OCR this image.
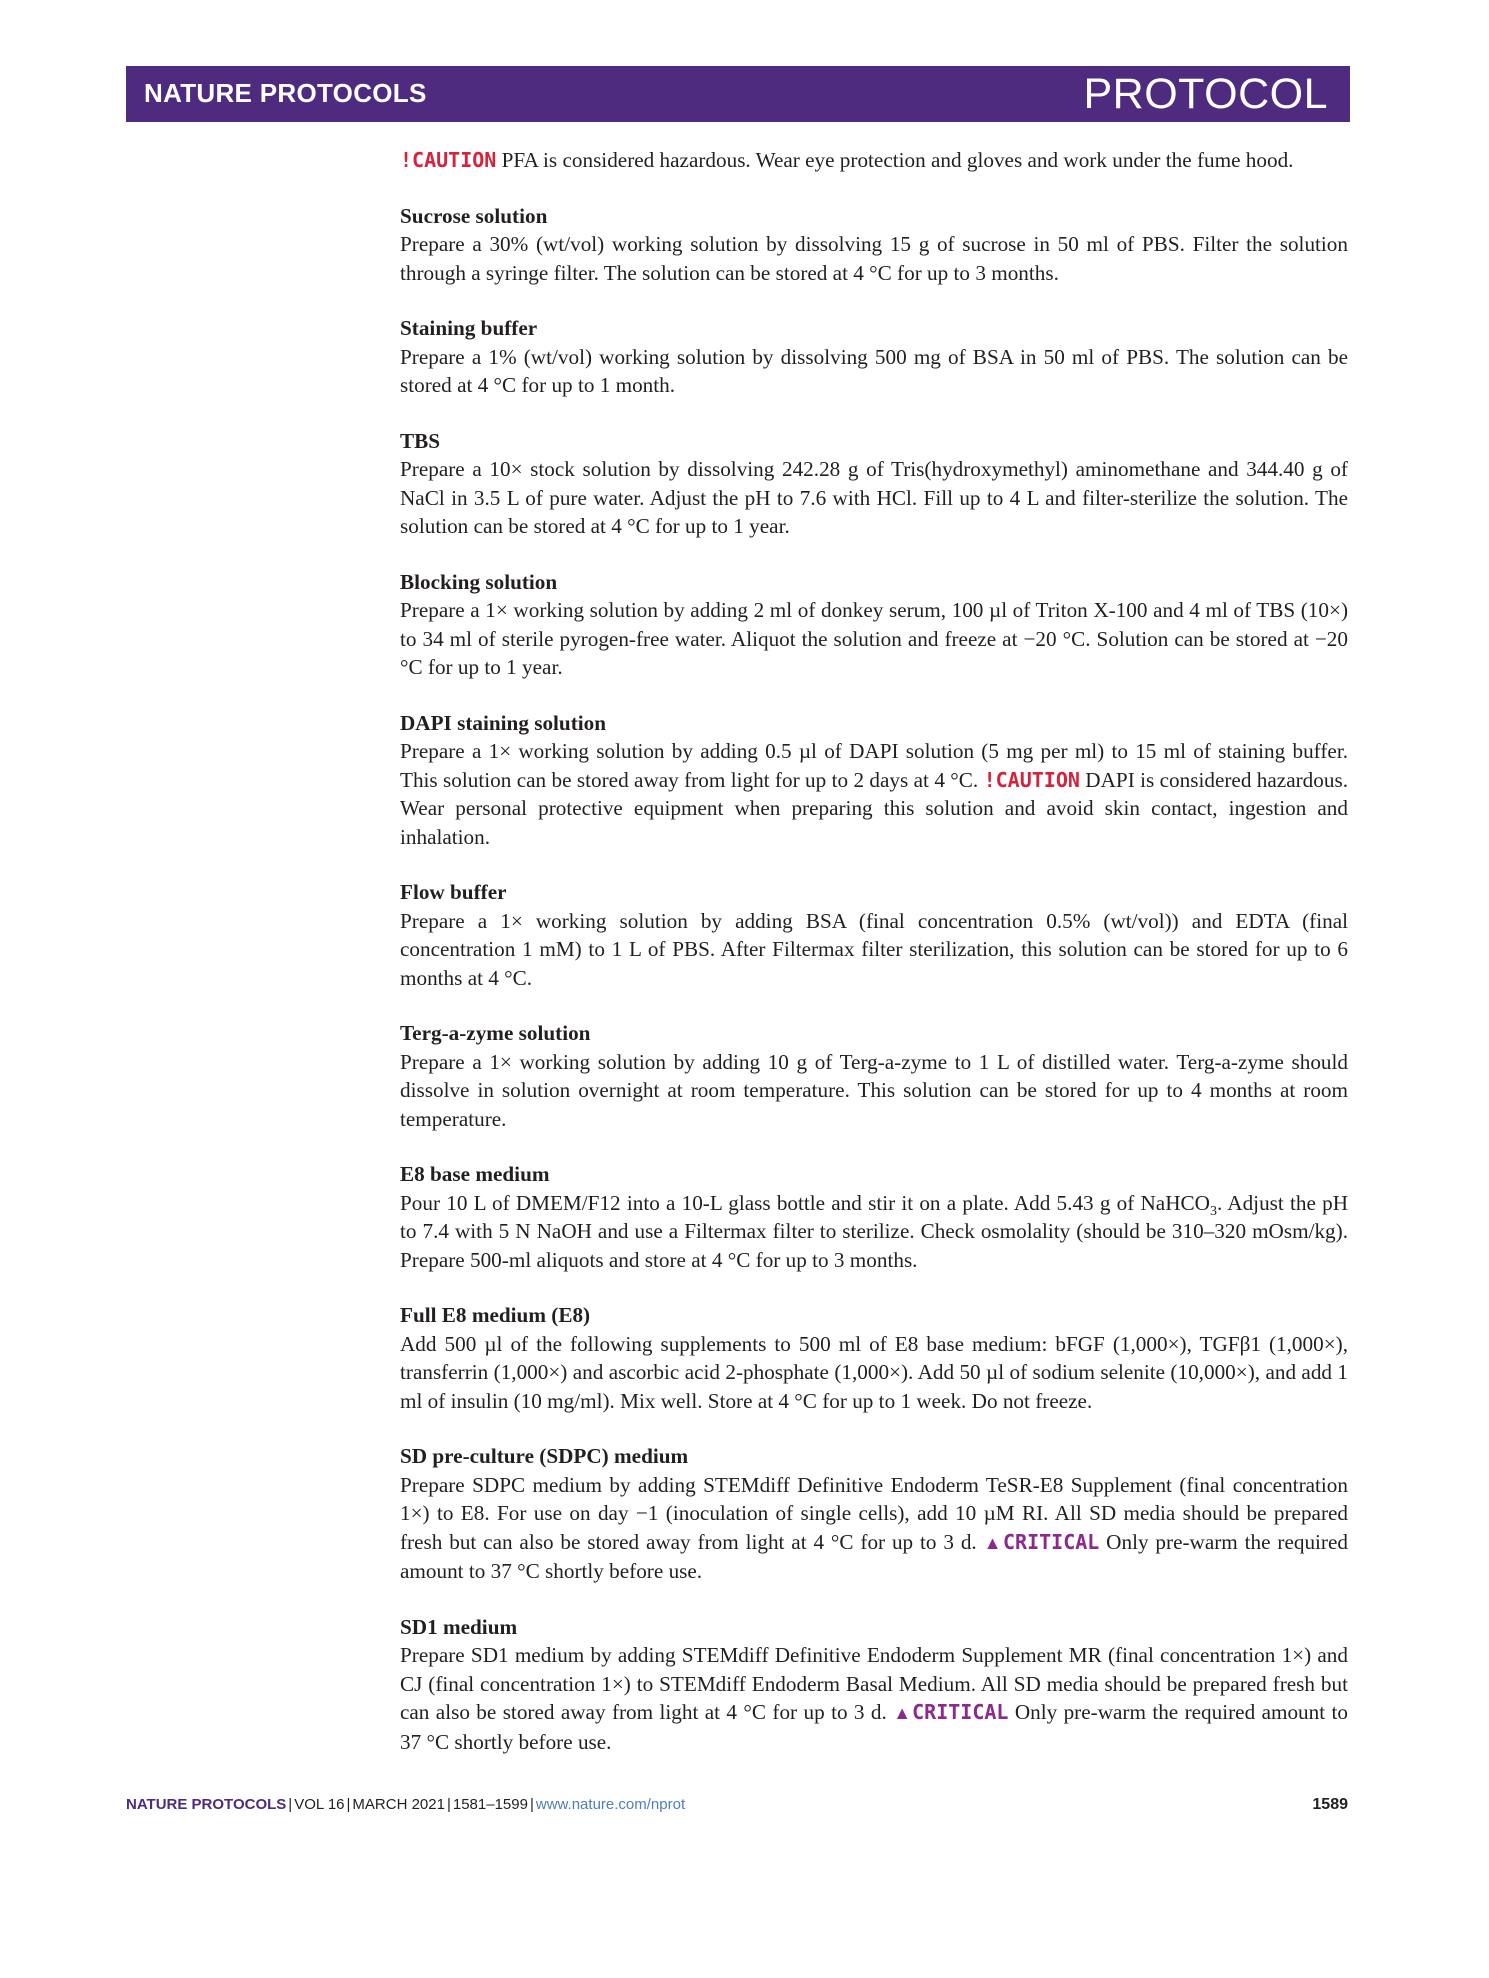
NATURE PROTOCOLS	PROTOCOL
!CAUTION PFA is considered hazardous. Wear eye protection and gloves and work under the fume hood.
Sucrose solution
Prepare a 30% (wt/vol) working solution by dissolving 15 g of sucrose in 50 ml of PBS. Filter the solution through a syringe filter. The solution can be stored at 4 °C for up to 3 months.
Staining buffer
Prepare a 1% (wt/vol) working solution by dissolving 500 mg of BSA in 50 ml of PBS. The solution can be stored at 4 °C for up to 1 month.
TBS
Prepare a 10× stock solution by dissolving 242.28 g of Tris(hydroxymethyl) aminomethane and 344.40 g of NaCl in 3.5 L of pure water. Adjust the pH to 7.6 with HCl. Fill up to 4 L and filter-sterilize the solution. The solution can be stored at 4 °C for up to 1 year.
Blocking solution
Prepare a 1× working solution by adding 2 ml of donkey serum, 100 µl of Triton X-100 and 4 ml of TBS (10×) to 34 ml of sterile pyrogen-free water. Aliquot the solution and freeze at −20 °C. Solution can be stored at −20 °C for up to 1 year.
DAPI staining solution
Prepare a 1× working solution by adding 0.5 µl of DAPI solution (5 mg per ml) to 15 ml of staining buffer. This solution can be stored away from light for up to 2 days at 4 °C. !CAUTION DAPI is considered hazardous. Wear personal protective equipment when preparing this solution and avoid skin contact, ingestion and inhalation.
Flow buffer
Prepare a 1× working solution by adding BSA (final concentration 0.5% (wt/vol)) and EDTA (final concentration 1 mM) to 1 L of PBS. After Filtermax filter sterilization, this solution can be stored for up to 6 months at 4 °C.
Terg-a-zyme solution
Prepare a 1× working solution by adding 10 g of Terg-a-zyme to 1 L of distilled water. Terg-a-zyme should dissolve in solution overnight at room temperature. This solution can be stored for up to 4 months at room temperature.
E8 base medium
Pour 10 L of DMEM/F12 into a 10-L glass bottle and stir it on a plate. Add 5.43 g of NaHCO$_3$. Adjust the pH to 7.4 with 5 N NaOH and use a Filtermax filter to sterilize. Check osmolality (should be 310–320 mOsm/kg). Prepare 500-ml aliquots and store at 4 °C for up to 3 months.
Full E8 medium (E8)
Add 500 µl of the following supplements to 500 ml of E8 base medium: bFGF (1,000×), TGFβ1 (1,000×), transferrin (1,000×) and ascorbic acid 2-phosphate (1,000×). Add 50 µl of sodium selenite (10,000×), and add 1 ml of insulin (10 mg/ml). Mix well. Store at 4 °C for up to 1 week. Do not freeze.
SD pre-culture (SDPC) medium
Prepare SDPC medium by adding STEMdiff Definitive Endoderm TeSR-E8 Supplement (final concentration 1×) to E8. For use on day −1 (inoculation of single cells), add 10 µM RI. All SD media should be prepared fresh but can also be stored away from light at 4 °C for up to 3 d. ▲CRITICAL Only pre-warm the required amount to 37 °C shortly before use.
SD1 medium
Prepare SD1 medium by adding STEMdiff Definitive Endoderm Supplement MR (final concentration 1×) and CJ (final concentration 1×) to STEMdiff Endoderm Basal Medium. All SD media should be prepared fresh but can also be stored away from light at 4 °C for up to 3 d. ▲CRITICAL Only pre-warm the required amount to 37 °C shortly before use.
NATURE PROTOCOLS | VOL 16 | MARCH 2021 | 1581–1599 | www.nature.com/nprot	1589
